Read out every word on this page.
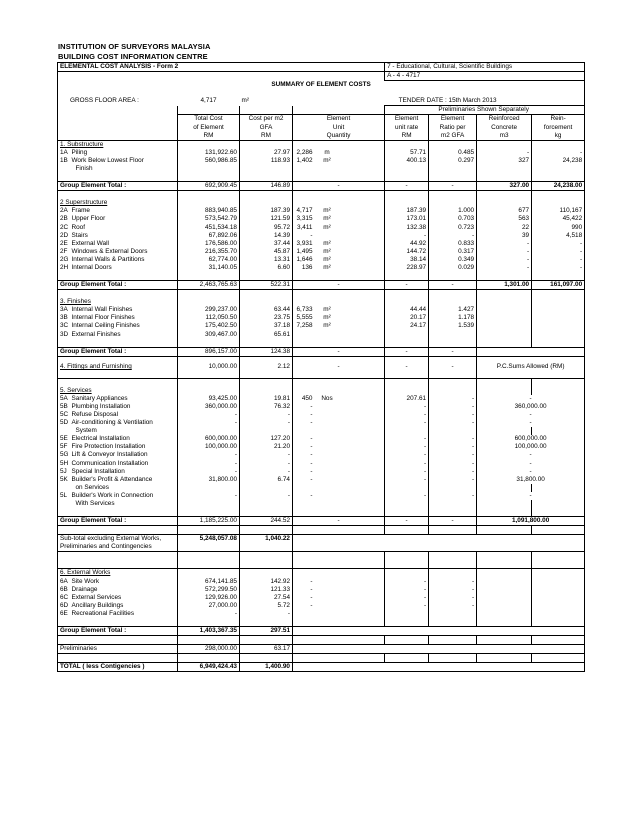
INSTITUTION OF SURVEYORS MALAYSIA
BUILDING COST INFORMATION CENTRE
ELEMENTAL COST ANALYSIS - Form 2							7 - Educational, Cultural, Scientific Buildings				
							A - 4 - 4717				
SUMMARY OF ELEMENT COSTS											

GROSS FLOOR AREA :		4,717	m²				TENDER DATE : 15th March 2013				
							Preliminaries Shown Separately				
		Total Cost	Cost per m2	Element			Element	Element	Reinforced	Rein-	
		of Element	GFA	Unit			unit rate	Ratio per	Concrete	forcement	
		RM	RM	Quantity			RM	m2 GFA	m3	kg	
1. Substructure											
1A	Piling	131,922.60	27.97	2,286	m		57.71	0.485	-	-	
1B	Work Below Lowest Floor	560,986.85	118.93	1,402	m²		400.13	0.297	327	24,238	
	Finish										

Group Element Total :		692,909.45	146.89	-			-	-	327.00	24,238.00	

2 Superstructure											
2A	Frame	883,940.85	187.39	4,717	m²		187.39	1.000	677	110,167	
2B	Upper Floor	573,542.79	121.59	3,315	m²		173.01	0.703	563	45,422	
2C	Roof	451,534.18	95.72	3,411	m²		132.38	0.723	22	990	
2D	Stairs	67,892.06	14.39	-			-	-	39	4,518	
2E	External Wall	176,586.00	37.44	3,931	m²		44.92	0.833	-	-	
2F	Windows & External Doors	216,355.70	45.87	1,495	m²		144.72	0.317	-	-	
2G	Internal Walls & Partitions	62,774.00	13.31	1,646	m²		38.14	0.349	-	-	
2H	Internal Doors	31,140.05	6.60	136	m²		228.97	0.029	-	-	

Group Element Total :		2,463,765.63	522.31	-			-	-	1,301.00	161,097.00	

3. Finishes											
3A	Internal Wall Finishes	299,237.00	63.44	6,733	m²		44.44	1.427			
3B	Internal Floor Finishes	112,050.50	23.75	5,555	m²		20.17	1.178			
3C	Internal Ceiling Finishes	175,402.50	37.18	7,258	m²		24.17	1.539			
3D	External Finishes	309,467.00	65.61								

Group Element Total :		896,157.00	124.38	-			-	-			
4. Fittings and Furnishing		10,000.00	2.12	-			-	-	P.C.Sums Allowed (RM)	

5. Services											
5A	Sanitary Appliances	93,425.00	19.81	450	Nos		207.61	-	-		
5B	Plumbing Installation	360,000.00	76.32	-			-	-	360,000.00		
5C	Refuse Disposal	-	-	-			-	-	-		
5D	Air-conditioning & Ventilation	-	-	-			-	-	-		
	System										
5E	Electrical Installation	600,000.00	127.20	-			-	-	600,000.00		
5F	Fire Protection Installation	100,000.00	21.20	-			-	-	100,000.00		
5G	Lift & Conveyor Installation	-	-	-			-	-	-		
5H	Communication Installation	-	-	-			-	-	-		
5J	Special Installation	-	-	-			-	-	-		
5K	Builder's Profit & Attendance	31,800.00	6.74	-			-	-	31,800.00		
	on Services										
5L	Builder's Work in Connection	-	-	-			-	-	-		
	With Services										

Group Element Total :		1,185,225.00	244.52	-			-	-	1,091,800.00	

Sub-total excluding External Works,
Preliminaries and Contingencies		5,248,057.08	1,040.22								

6. External Works											
6A	Site Work	674,141.85	142.92	-			-	-			
6B	Drainage	572,299.50	121.33	-			-	-			
6C	External Services	129,926.00	27.54	-			-	-			
6D	Ancillary Buildings	27,000.00	5.72	-			-	-			
6E	Recreational Facilities	-	-								

Group Element Total :		1,403,367.35	297.51								

Preliminaries		298,000.00	63.17								

TOTAL ( less Contigencies )		6,949,424.43	1,400.90								
